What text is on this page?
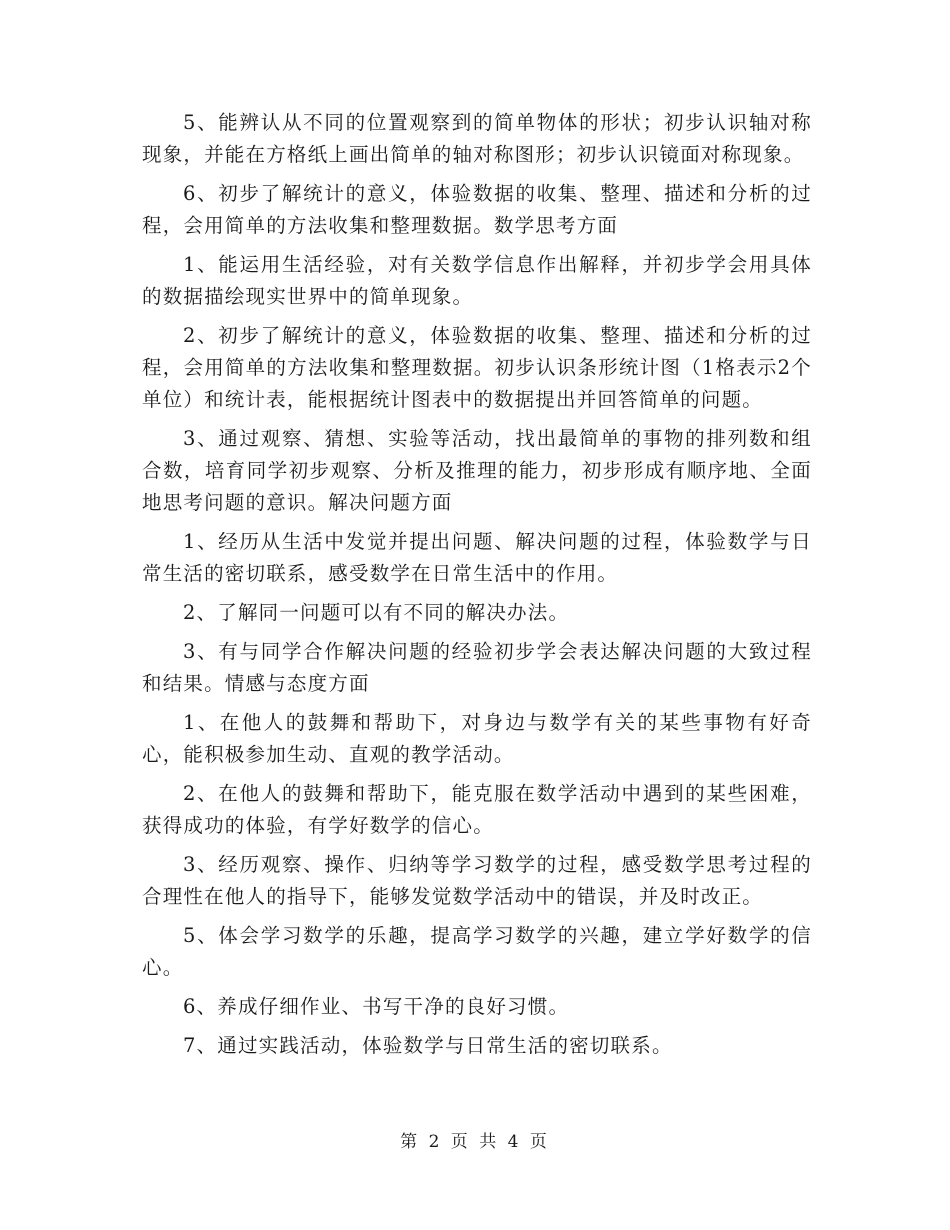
5、能辨认从不同的位置观察到的简单物体的形状；初步认识轴对称现象，并能在方格纸上画出简单的轴对称图形；初步认识镜面对称现象。

6、初步了解统计的意义，体验数据的收集、整理、描述和分析的过程，会用简单的方法收集和整理数据。数学思考方面

1、能运用生活经验，对有关数学信息作出解释，并初步学会用具体的数据描绘现实世界中的简单现象。

2、初步了解统计的意义，体验数据的收集、整理、描述和分析的过程，会用简单的方法收集和整理数据。初步认识条形统计图（1格表示2个单位）和统计表，能根据统计图表中的数据提出并回答简单的问题。

3、通过观察、猜想、实验等活动，找出最简单的事物的排列数和组合数，培育同学初步观察、分析及推理的能力，初步形成有顺序地、全面地思考问题的意识。解决问题方面

1、经历从生活中发觉并提出问题、解决问题的过程，体验数学与日常生活的密切联系，感受数学在日常生活中的作用。

2、了解同一问题可以有不同的解决办法。

3、有与同学合作解决问题的经验初步学会表达解决问题的大致过程和结果。情感与态度方面

1、在他人的鼓舞和帮助下，对身边与数学有关的某些事物有好奇心，能积极参加生动、直观的教学活动。

2、在他人的鼓舞和帮助下，能克服在数学活动中遇到的某些困难，获得成功的体验，有学好数学的信心。

3、经历观察、操作、归纳等学习数学的过程，感受数学思考过程的合理性在他人的指导下，能够发觉数学活动中的错误，并及时改正。

5、体会学习数学的乐趣，提高学习数学的兴趣，建立学好数学的信心。

6、养成仔细作业、书写干净的良好习惯。

7、通过实践活动，体验数学与日常生活的密切联系。

第 2 页 共 4 页
